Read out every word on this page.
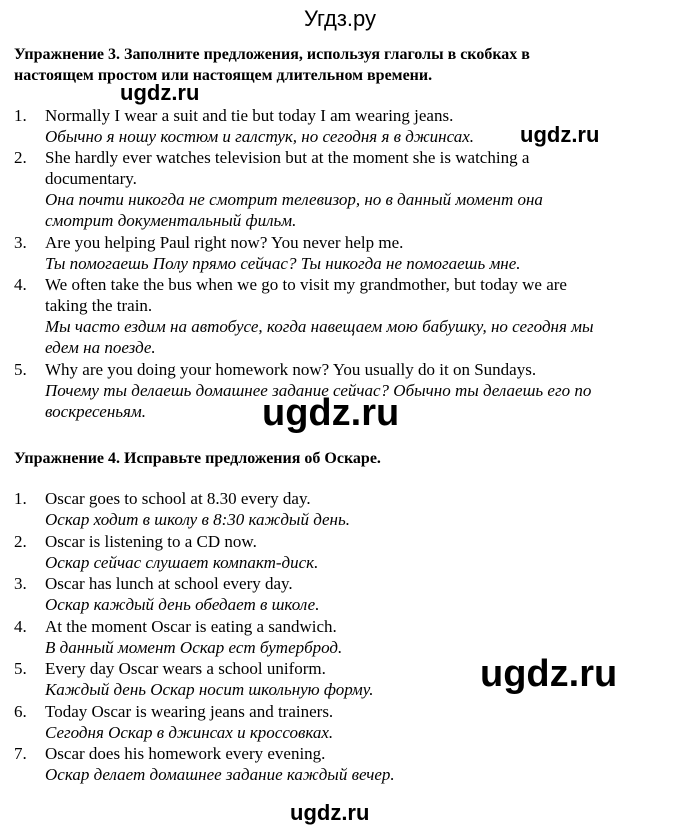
Угдз.ру
Упражнение 3. Заполните предложения, используя глаголы в скобках в
настоящем простом или настоящем длительном времени.
1. Normally I wear a suit and tie but today I am wearing jeans.
Обычно я ношу костюм и галстук, но сегодня я в джинсах.
2. She hardly ever watches television but at the moment she is watching a
documentary.
Она почти никогда не смотрит телевизор, но в данный момент она
смотрит документальный фильм.
3. Are you helping Paul right now? You never help me.
Ты помогаешь Полу прямо сейчас? Ты никогда не помогаешь мне.
4. We often take the bus when we go to visit my grandmother, but today we are
taking the train.
Мы часто ездим на автобусе, когда навещаем мою бабушку, но сегодня мы
едем на поезде.
5. Why are you doing your homework now? You usually do it on Sundays.
Почему ты делаешь домашнее задание сейчас? Обычно ты делаешь его по
воскресеньям.
Упражнение 4. Исправьте предложения об Оскаре.
1. Oscar goes to school at 8.30 every day.
Оскар ходит в школу в 8:30 каждый день.
2. Oscar is listening to a CD now.
Оскар сейчас слушает компакт-диск.
3. Oscar has lunch at school every day.
Оскар каждый день обедает в школе.
4. At the moment Oscar is eating a sandwich.
В данный момент Оскар ест бутерброд.
5. Every day Oscar wears a school uniform.
Каждый день Оскар носит школьную форму.
6. Today Oscar is wearing jeans and trainers.
Сегодня Оскар в джинсах и кроссовках.
7. Oscar does his homework every evening.
Оскар делает домашнее задание каждый вечер.
ugdz.ru
ugdz.ru
ugdz.ru
ugdz.ru
ugdz.ru
